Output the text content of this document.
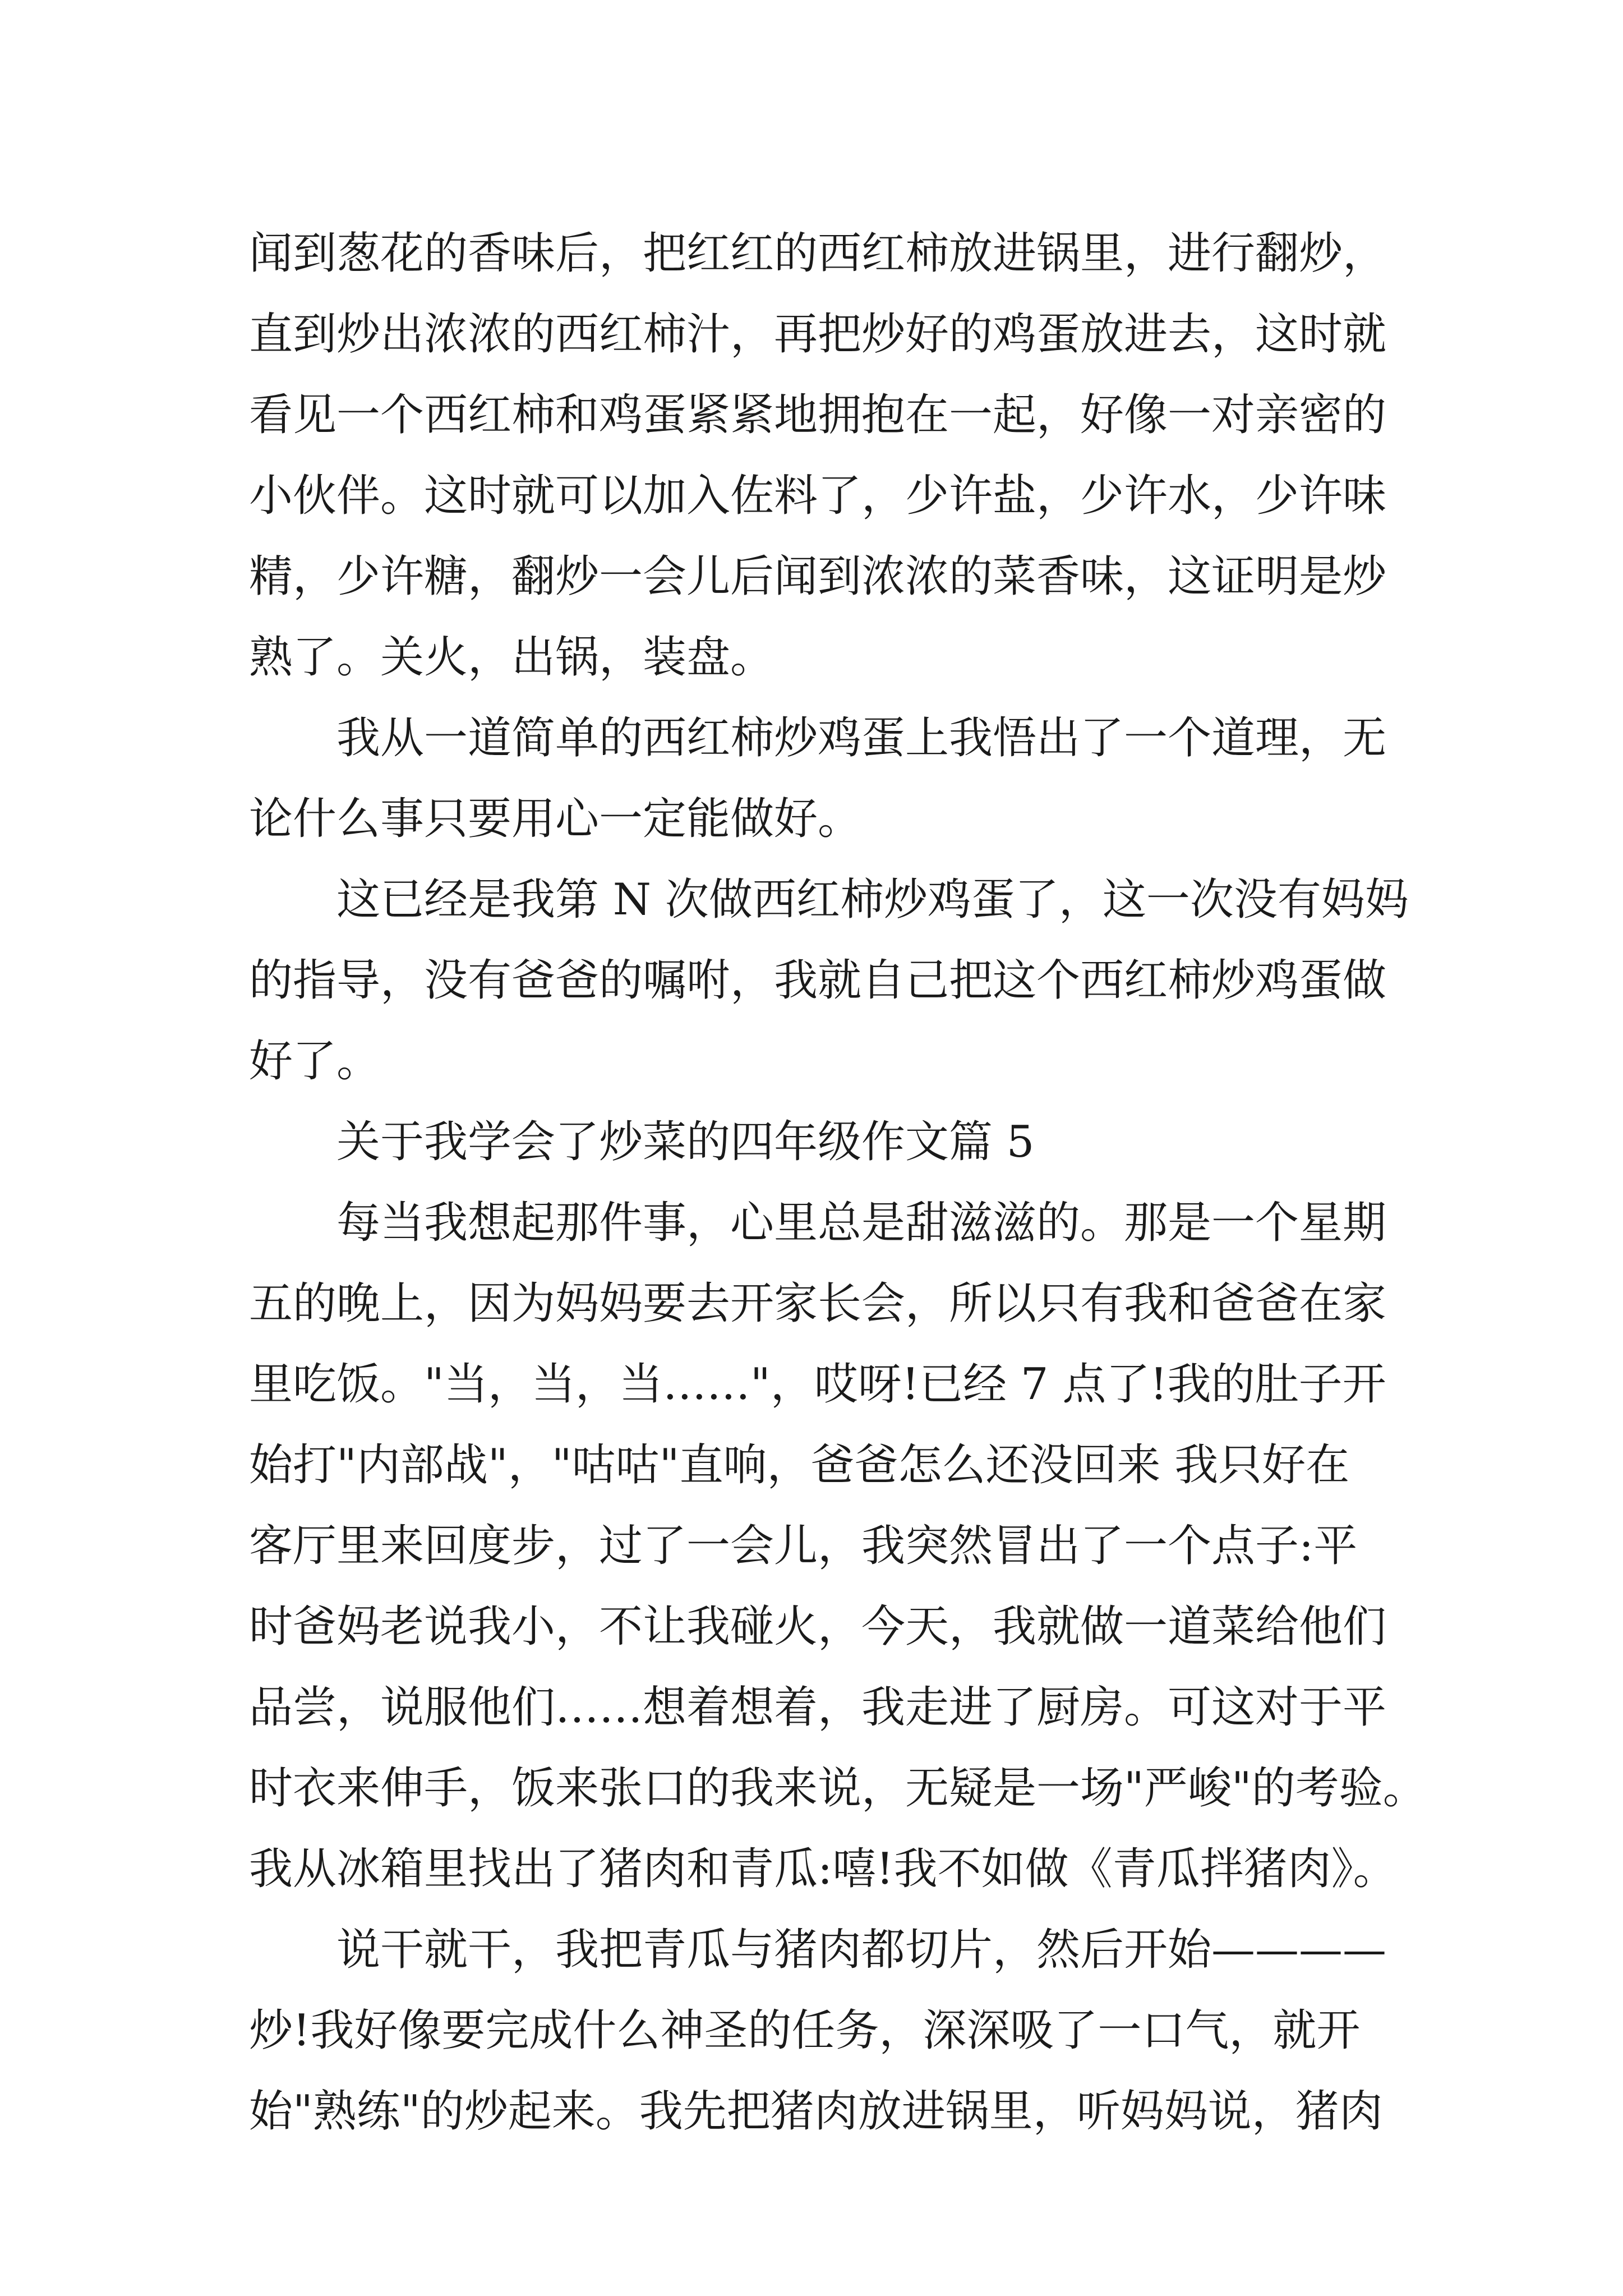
闻到葱花的香味后，把红红的西红柿放进锅里，进行翻炒，
直到炒出浓浓的西红柿汁，再把炒好的鸡蛋放进去，这时就
看见一个西红柿和鸡蛋紧紧地拥抱在一起，好像一对亲密的
小伙伴。这时就可以加入佐料了，少许盐，少许水，少许味
精，少许糖，翻炒一会儿后闻到浓浓的菜香味，这证明是炒
熟了。关火，出锅，装盘。
我从一道简单的西红柿炒鸡蛋上我悟出了一个道理，无
论什么事只要用心一定能做好。
这已经是我第 N 次做西红柿炒鸡蛋了，这一次没有妈妈
的指导，没有爸爸的嘱咐，我就自己把这个西红柿炒鸡蛋做
好了。
关于我学会了炒菜的四年级作文篇 5
每当我想起那件事，心里总是甜滋滋的。那是一个星期
五的晚上，因为妈妈要去开家长会，所以只有我和爸爸在家
里吃饭。"当，当，当……"，哎呀!已经 7 点了!我的肚子开
始打"内部战"，"咕咕"直响，爸爸怎么还没回来 我只好在
客厅里来回度步，过了一会儿，我突然冒出了一个点子:平
时爸妈老说我小，不让我碰火，今天，我就做一道菜给他们
品尝，说服他们……想着想着，我走进了厨房。可这对于平
时衣来伸手，饭来张口的我来说，无疑是一场"严峻"的考验。
我从冰箱里找出了猪肉和青瓜:嘻!我不如做《青瓜拌猪肉》。
说干就干，我把青瓜与猪肉都切片，然后开始————
炒!我好像要完成什么神圣的任务，深深吸了一口气，就开
始"熟练"的炒起来。我先把猪肉放进锅里，听妈妈说，猪肉
